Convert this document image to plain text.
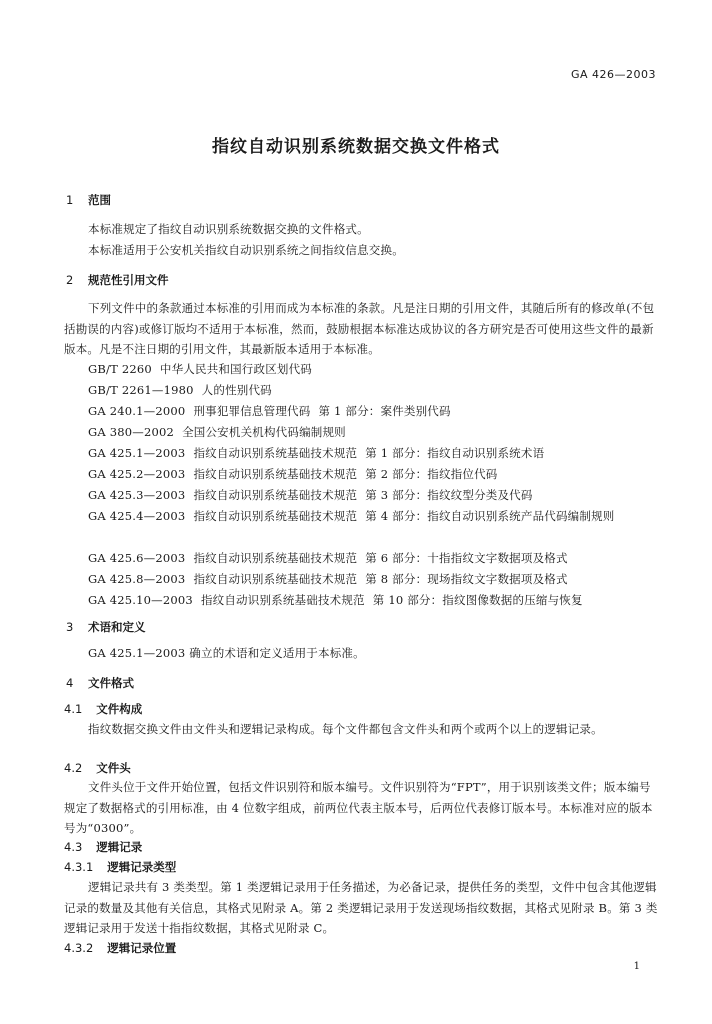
GA 426—2003
指纹自动识别系统数据交换文件格式
1 范围
本标准规定了指纹自动识别系统数据交换的文件格式。
本标准适用于公安机关指纹自动识别系统之间指纹信息交换。
2 规范性引用文件
下列文件中的条款通过本标准的引用而成为本标准的条款。凡是注日期的引用文件，其随后所有的修改单(不包括勘误的内容)或修订版均不适用于本标准，然而，鼓励根据本标准达成协议的各方研究是否可使用这些文件的最新版本。凡是不注日期的引用文件，其最新版本适用于本标准。
GB/T 2260 中华人民共和国行政区划代码
GB/T 2261—1980 人的性别代码
GA 240.1—2000 刑事犯罪信息管理代码 第 1 部分：案件类别代码
GA 380—2002 全国公安机关机构代码编制规则
GA 425.1—2003 指纹自动识别系统基础技术规范 第 1 部分：指纹自动识别系统术语
GA 425.2—2003 指纹自动识别系统基础技术规范 第 2 部分：指纹指位代码
GA 425.3—2003 指纹自动识别系统基础技术规范 第 3 部分：指纹纹型分类及代码
GA 425.4—2003 指纹自动识别系统基础技术规范 第 4 部分：指纹自动识别系统产品代码编制规则
GA 425.6—2003 指纹自动识别系统基础技术规范 第 6 部分：十指指纹文字数据项及格式
GA 425.8—2003 指纹自动识别系统基础技术规范 第 8 部分：现场指纹文字数据项及格式
GA 425.10—2003 指纹自动识别系统基础技术规范 第 10 部分：指纹图像数据的压缩与恢复
3 术语和定义
GA 425.1—2003 确立的术语和定义适用于本标准。
4 文件格式
4.1 文件构成
指纹数据交换文件由文件头和逻辑记录构成。每个文件都包含文件头和两个或两个以上的逻辑记录。
4.2 文件头
文件头位于文件开始位置，包括文件识别符和版本编号。文件识别符为“FPT”，用于识别该类文件；版本编号规定了数据格式的引用标准，由 4 位数字组成，前两位代表主版本号，后两位代表修订版本号。本标准对应的版本号为“0300”。
4.3 逻辑记录
4.3.1 逻辑记录类型
逻辑记录共有 3 类类型。第 1 类逻辑记录用于任务描述，为必备记录，提供任务的类型，文件中包含其他逻辑记录的数量及其他有关信息，其格式见附录 A。第 2 类逻辑记录用于发送现场指纹数据，其格式见附录 B。第 3 类逻辑记录用于发送十指指纹数据，其格式见附录 C。
4.3.2 逻辑记录位置
1
